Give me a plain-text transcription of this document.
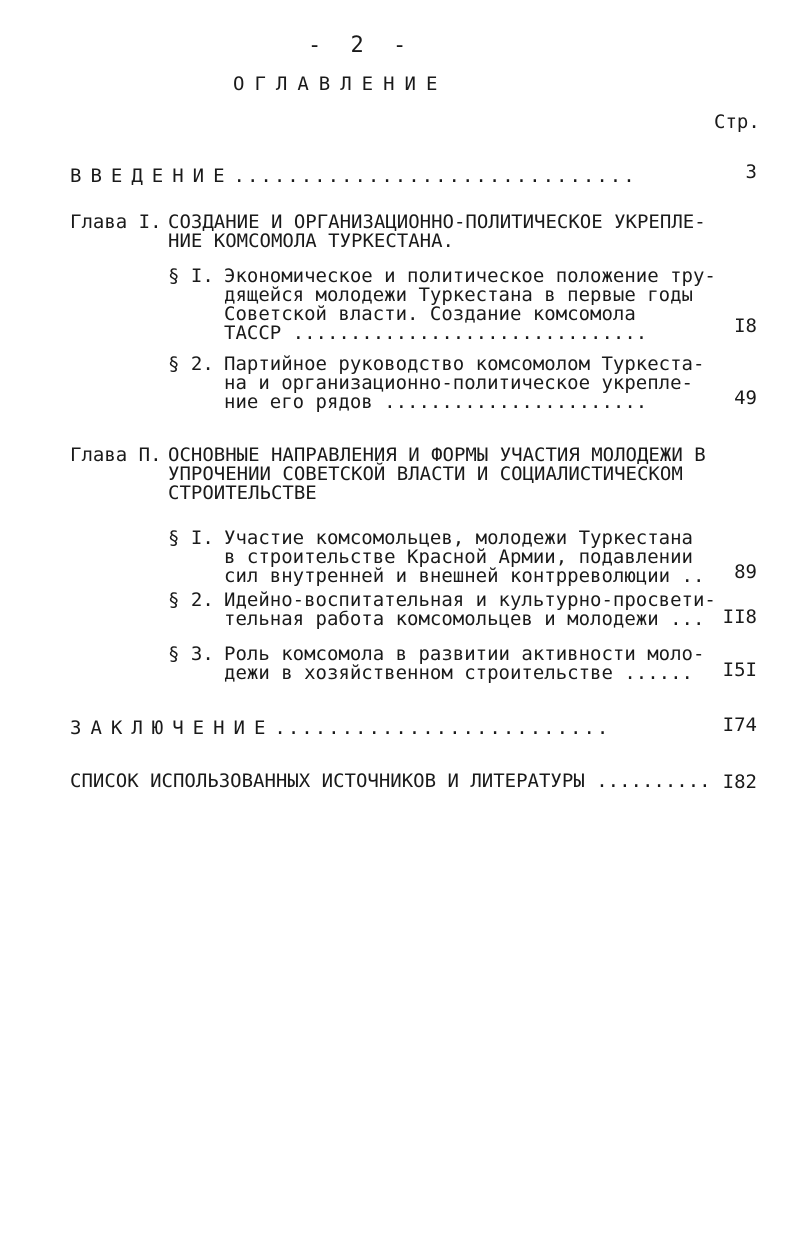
- 2 -
ОГЛАВЛЕНИЕ
Стр.
ВВЕДЕНИЕ..............................	3
Глава I. СОЗДАНИЕ И ОРГАНИЗАЦИОННО-ПОЛИТИЧЕСКОЕ УКРЕПЛЕ-
НИЕ КОМСОМОЛА ТУРКЕСТАНА.
§ I. Экономическое и политическое положение тру-
дящейся молодежи Туркестана в первые годы
Советской власти. Создание комсомола
ТАССР ...............................	I8
§ 2. Партийное руководство комсомолом Туркеста-
на и организационно-политическое укрепле-
ние его рядов .......................	49
Глава П. ОСНОВНЫЕ НАПРАВЛЕНИЯ И ФОРМЫ УЧАСТИЯ МОЛОДЕЖИ В
УПРОЧЕНИИ СОВЕТСКОЙ ВЛАСТИ И СОЦИАЛИСТИЧЕСКОМ
СТРОИТЕЛЬСТВЕ
§ I. Участие комсомольцев, молодежи Туркестана
в строительстве Красной Армии, подавлении
сил внутренней и внешней контрреволюции .. 89
§ 2. Идейно-воспитательная и культурно-просвети-
тельная работа комсомольцев и молодежи ... II8
§ 3. Роль комсомола в развитии активности моло-
дежи в хозяйственном строительстве ......	I5I
ЗАКЛЮЧЕНИЕ.........................	I74
СПИСОК ИСПОЛЬЗОВАННЫХ ИСТОЧНИКОВ И ЛИТЕРАТУРЫ .......... I82
